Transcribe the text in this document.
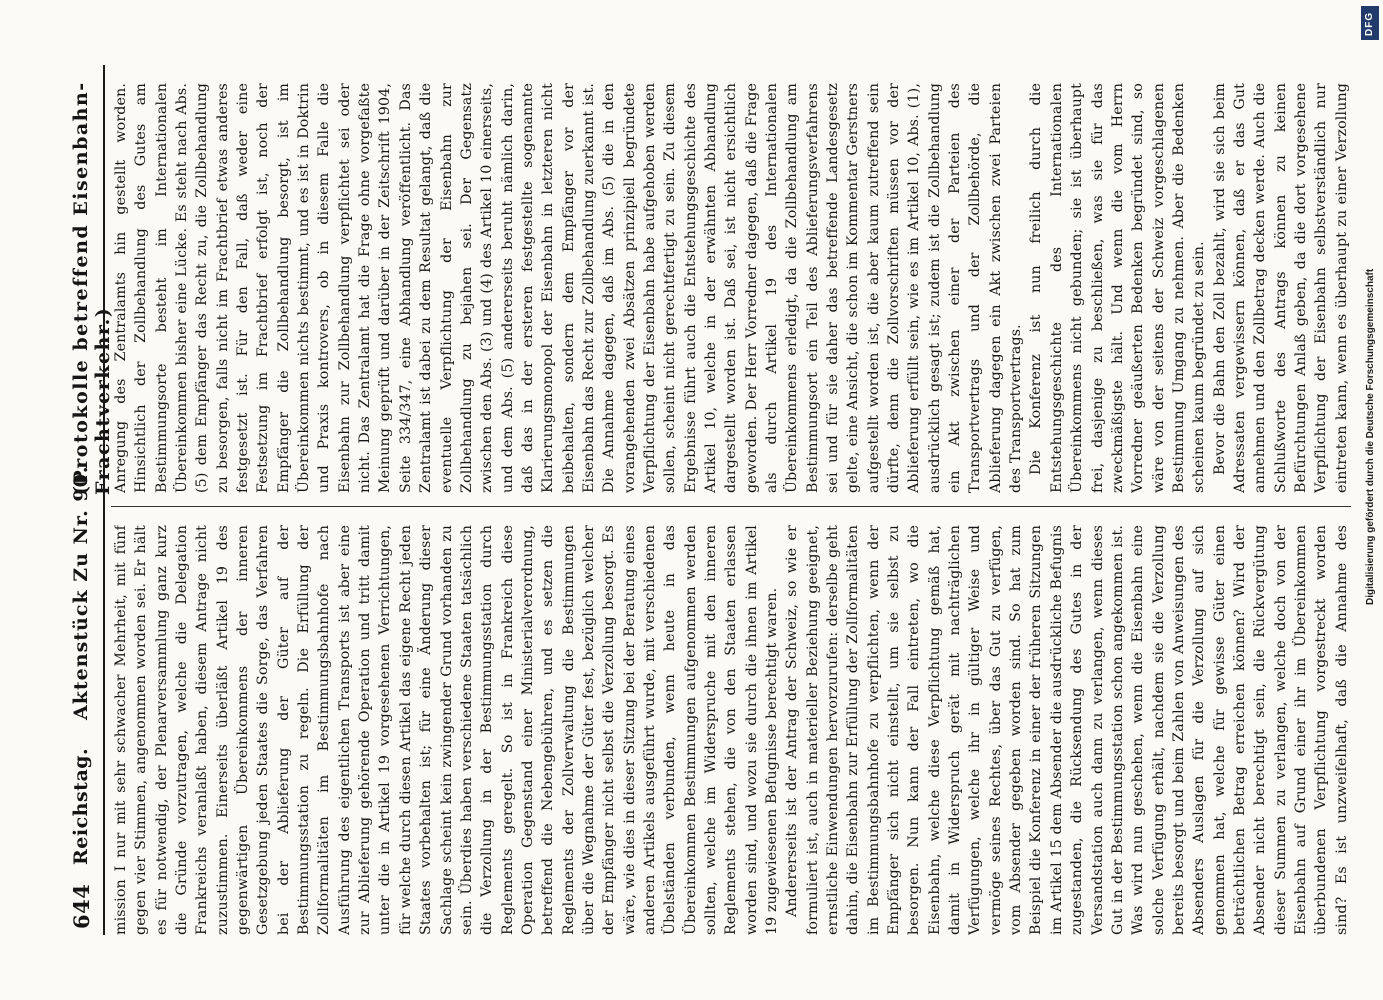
644
Reichstag.
Aktenstück Zu Nr. 90.
(Protokolle betreffend Eisenbahn-Frachtverkehr.)

mission I nur mit sehr schwacher Mehrheit, mit fünf gegen vier Stimmen, angenommen worden sei. Er hält es für notwendig, der Plenarversammlung ganz kurz die Gründe vorzutragen, welche die Delegation Frankreichs veranlaßt haben, diesem Antrage nicht zuzustimmen. Einerseits überläßt Artikel 19 des gegenwärtigen Übereinkommens der inneren Gesetzgebung jeden Staates die Sorge, das Verfahren bei der Ablieferung der Güter auf der Bestimmungsstation zu regeln. Die Erfüllung der Zollformalitäten im Bestimmungsbahnhofe nach Ausführung des eigentlichen Transports ist aber eine zur Ablieferung gehörende Operation und tritt damit unter die in Artikel 19 vorgesehenen Verrichtungen, für welche durch diesen Artikel das eigene Recht jeden Staates vorbehalten ist; für eine Änderung dieser Sachlage scheint kein zwingender Grund vorhanden zu sein. Überdies haben verschiedene Staaten tatsächlich die Verzollung in der Bestimmungsstation durch Reglements geregelt. So ist in Frankreich diese Operation Gegenstand einer Ministerialverordnung, betreffend die Nebengebühren, und es setzen die Reglements der Zollverwaltung die Bestimmungen über die Wegnahme der Güter fest, bezüglich welcher der Empfänger nicht selbst die Verzollung besorgt. Es wäre, wie dies in dieser Sitzung bei der Beratung eines anderen Artikels ausgeführt wurde, mit verschiedenen Übelständen verbunden, wenn heute in das Übereinkommen Bestimmungen aufgenommen werden sollten, welche im Widerspruche mit den inneren Reglements stehen, die von den Staaten erlassen worden sind, und wozu sie durch die ihnen im Artikel 19 zugewiesenen Befugnisse berechtigt waren. Andererseits ist der Antrag der Schweiz, so wie er formuliert ist, auch in materieller Beziehung geeignet, ernstliche Einwendungen hervorzurufen: derselbe geht dahin, die Eisenbahn zur Erfüllung der Zollformalitäten im Bestimmungsbahnhofe zu verpflichten, wenn der Empfänger sich nicht einstellt, um sie selbst zu besorgen. Nun kann der Fall eintreten, wo die Eisenbahn, welche diese Verpflichtung gemäß hat, damit in Widerspruch gerät mit nachträglichen Verfügungen, welche ihr in gültiger Weise und vermöge seines Rechtes, über das Gut zu verfügen, vom Absender gegeben worden sind. So hat zum Beispiel die Konferenz in einer der früheren Sitzungen im Artikel 15 dem Absender die ausdrückliche Befugnis zugestanden, die Rücksendung des Gutes in der Versandstation auch dann zu verlangen, wenn dieses Gut in der Bestimmungsstation schon angekommen ist. Was wird nun geschehen, wenn die Eisenbahn eine solche Verfügung erhält, nachdem sie die Verzollung bereits besorgt und beim Zahlen von Anweisungen des Absenders Auslagen für die Verzollung auf sich genommen hat, welche für gewisse Güter einen beträchtlichen Betrag erreichen können? Wird der Absender nicht berechtigt sein, die Rückvergütung dieser Summen zu verlangen, welche doch von der Eisenbahn auf Grund einer ihr im Übereinkommen überbundenen Verpflichtung vorgestreckt worden sind? Es ist unzweifelhaft, daß die Annahme des

Anregung des Zentralamts hin gestellt worden. Hinsichtlich der Zollbehandlung des Gutes am Bestimmungsorte besteht im Internationalen Übereinkommen bisher eine Lücke. Es steht nach Abs. (5) dem Empfänger das Recht zu, die Zollbehandlung zu besorgen, falls nicht im Frachtbrief etwas anderes festgesetzt ist. Für den Fall, daß weder eine Festsetzung im Frachtbrief erfolgt ist, noch der Empfänger die Zollbehandlung besorgt, ist im Übereinkommen nichts bestimmt, und es ist in Doktrin und Praxis kontrovers, ob in diesem Falle die Eisenbahn zur Zollbehandlung verpflichtet sei oder nicht. Das Zentralamt hat die Frage ohne vorgefaßte Meinung geprüft und darüber in der Zeitschrift 1904, Seite 334/347, eine Abhandlung veröffentlicht. Das Zentralamt ist dabei zu dem Resultat gelangt, daß die eventuelle Verpflichtung der Eisenbahn zur Zollbehandlung zu bejahen sei. Der Gegensatz zwischen den Abs. (3) und (4) des Artikel 10 einerseits, und dem Abs. (5) andererseits beruht nämlich darin, daß das in der ersteren festgestellte sogenannte Klarierungsmonopol der Eisenbahn in letzteren nicht beibehalten, sondern dem Empfänger vor der Eisenbahn das Recht zur Zollbehandlung zuerkannt ist. Die Annahme dagegen, daß im Abs. (5) die in den vorangehenden zwei Absätzen prinzipiell begründete Verpflichtung der Eisenbahn habe aufgehoben werden sollen, scheint nicht gerechtfertigt zu sein. Zu diesem Ergebnisse führt auch die Entstehungsgeschichte des Artikel 10, welche in der erwähnten Abhandlung dargestellt worden ist. Daß sei, ist nicht ersichtlich geworden. Der Herr Vorredner dagegen, daß die Frage als durch Artikel 19 des Internationalen Übereinkommens erledigt, da die Zollbehandlung am Bestimmungsort ein Teil des Ablieferungsverfahrens sei und für sie daher das betreffende Landesgesetz gelte, eine Ansicht, die schon im Kommentar Gerstners aufgestellt worden ist, die aber kaum zutreffend sein dürfte, denn die Zollvorschriften müssen vor der Ablieferung erfüllt sein, wie es im Artikel 10, Abs. (1), ausdrücklich gesagt ist; zudem ist die Zollbehandlung ein Akt zwischen einer der Parteien des Transportvertrags und der Zollbehörde, die Ablieferung dagegen ein Akt zwischen zwei Parteien des Transportvertrags. Die Konferenz ist nun freilich durch die Entstehungsgeschichte des Internationalen Übereinkommens nicht gebunden; sie ist überhaupt frei, dasjenige zu beschließen, was sie für das zweckmäßigste hält. Und wenn die vom Herrn Vorredner geäußerten Bedenken begründet sind, so wäre von der seitens der Schweiz vorgeschlagenen Bestimmung Umgang zu nehmen. Aber die Bedenken scheinen kaum begründet zu sein. Bevor die Bahn den Zoll bezahlt, wird sie sich beim Adressaten vergewissern können, daß er das Gut annehmen und den Zollbetrag decken werde. Auch die Schlußworte des Antrags können zu keinen Befürchtungen Anlaß geben, da die dort vorgesehene Verpflichtung der Eisenbahn selbstverständlich nur eintreten kann, wenn es überhaupt zu einer Verzollung

Digitalisierung gefördert durch die Deutsche Forschungsgemeinschaft
DFG
